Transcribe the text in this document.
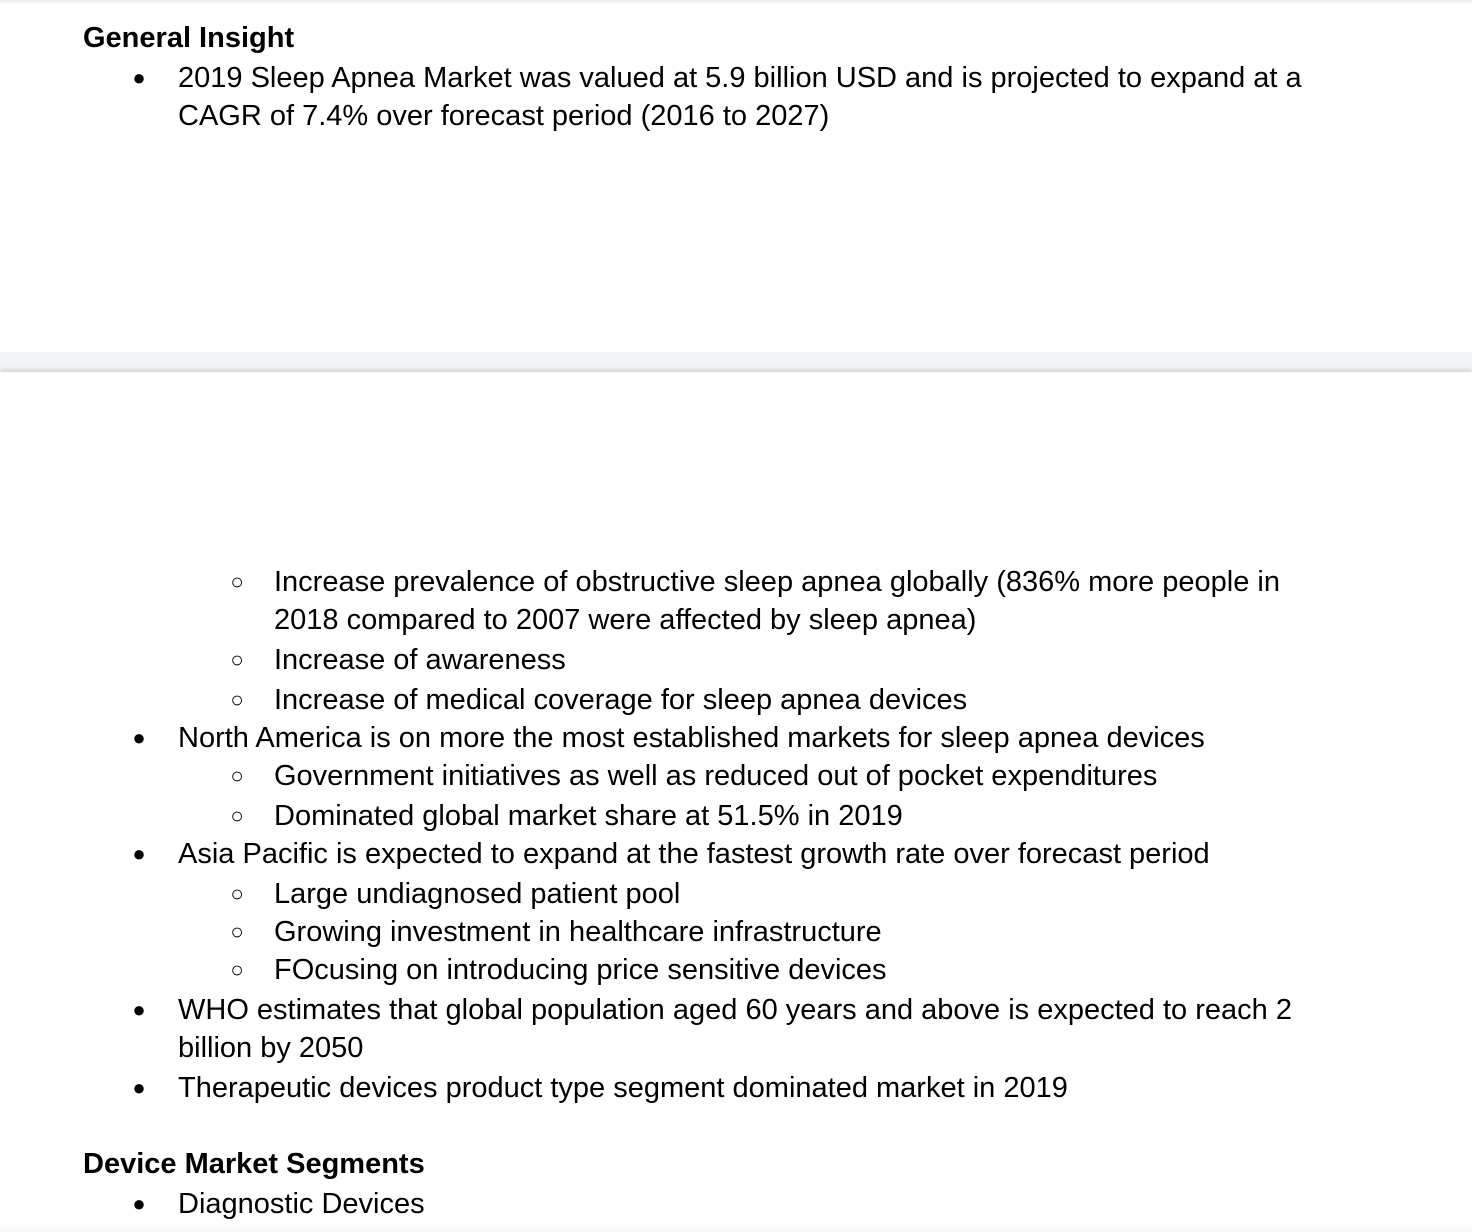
General Insight
● 2019 Sleep Apnea Market was valued at 5.9 billion USD and is projected to expand at a
CAGR of 7.4% over forecast period (2016 to 2027)
○ Increase prevalence of obstructive sleep apnea globally (836% more people in
2018 compared to 2007 were affected by sleep apnea)
○ Increase of awareness
○ Increase of medical coverage for sleep apnea devices
● North America is on more the most established markets for sleep apnea devices
○ Government initiatives as well as reduced out of pocket expenditures
○ Dominated global market share at 51.5% in 2019
● Asia Pacific is expected to expand at the fastest growth rate over forecast period
○ Large undiagnosed patient pool
○ Growing investment in healthcare infrastructure
○ FOcusing on introducing price sensitive devices
● WHO estimates that global population aged 60 years and above is expected to reach 2
billion by 2050
● Therapeutic devices product type segment dominated market in 2019
Device Market Segments
● Diagnostic Devices
